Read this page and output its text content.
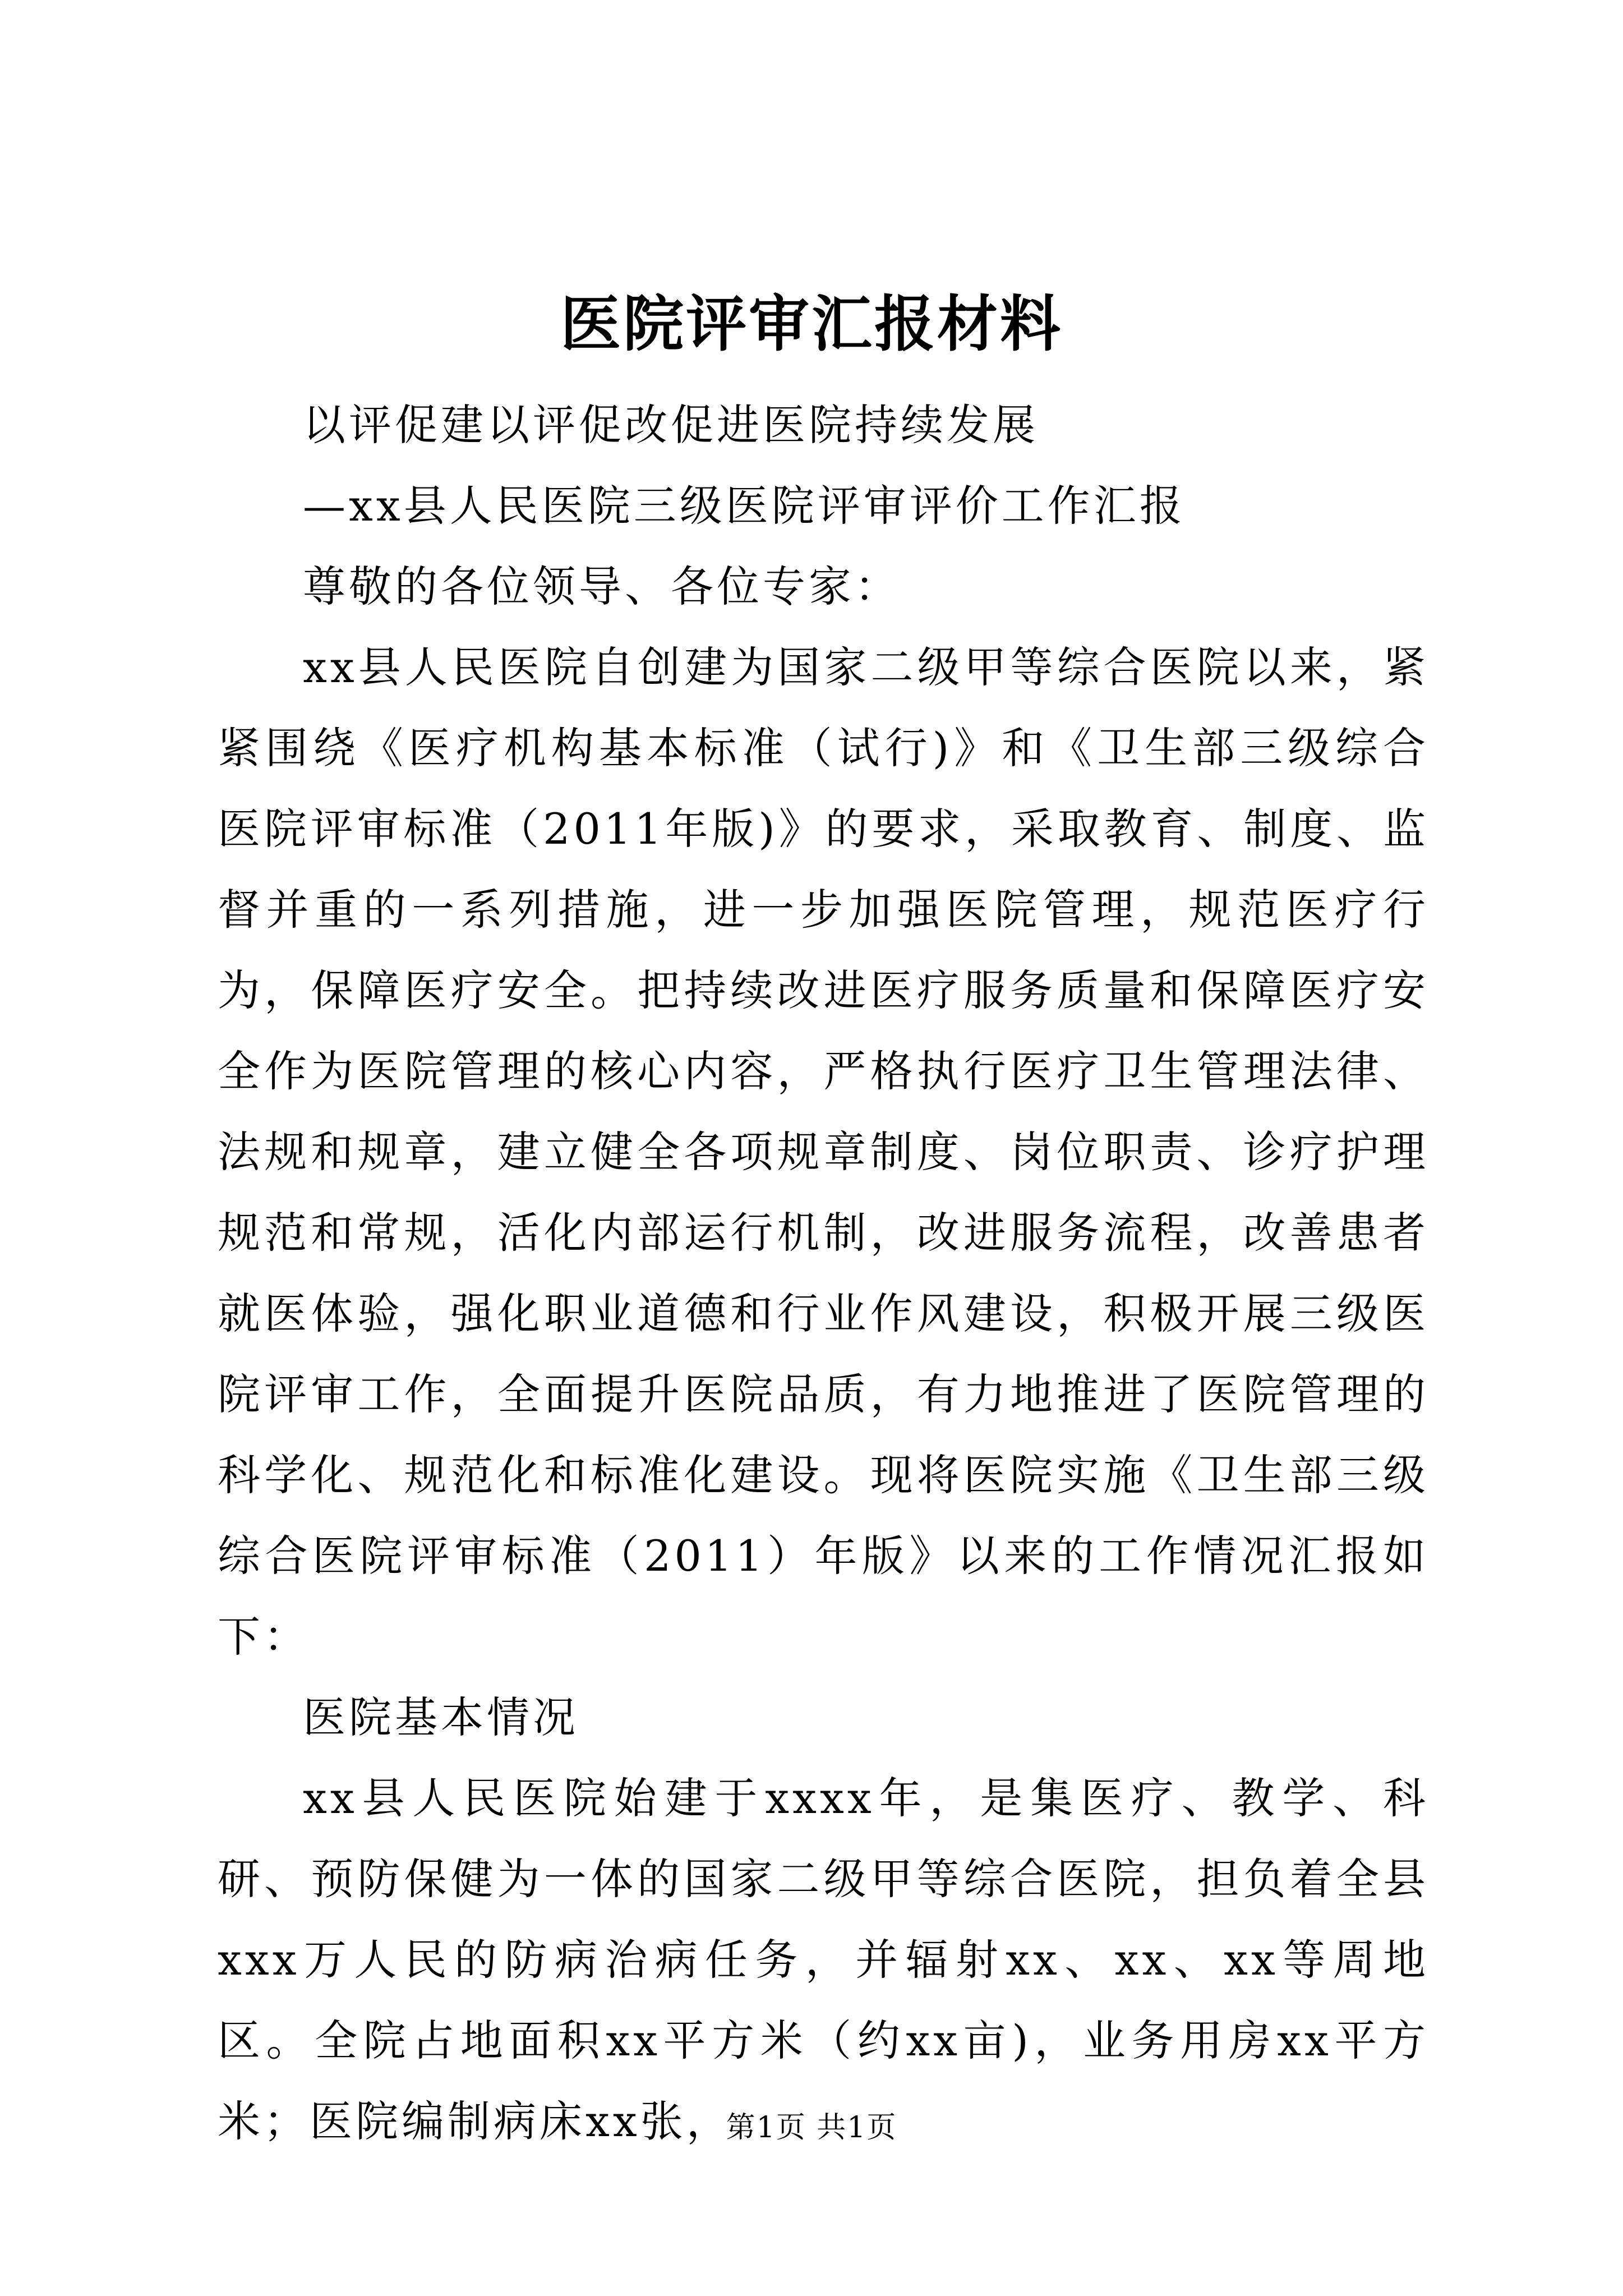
医院评审汇报材料

以评促建以评促改促进医院持续发展

—xx县人民医院三级医院评审评价工作汇报

尊敬的各位领导、各位专家：

xx县人民医院自创建为国家二级甲等综合医院以来，紧紧围绕《医疗机构基本标准（试行)》和《卫生部三级综合医院评审标准（2011年版)》的要求，采取教育、制度、监督并重的一系列措施，进一步加强医院管理，规范医疗行为，保障医疗安全。把持续改进医疗服务质量和保障医疗安全作为医院管理的核心内容，严格执行医疗卫生管理法律、法规和规章，建立健全各项规章制度、岗位职责、诊疗护理规范和常规，活化内部运行机制，改进服务流程，改善患者就医体验，强化职业道德和行业作风建设，积极开展三级医院评审工作，全面提升医院品质，有力地推进了医院管理的科学化、规范化和标准化建设。现将医院实施《卫生部三级综合医院评审标准（2011）年版》以来的工作情况汇报如下：

医院基本情况

xx县人民医院始建于xxxx年，是集医疗、教学、科研、预防保健为一体的国家二级甲等综合医院，担负着全县xxx万人民的防病治病任务，并辐射xx、xx、xx等周地区。全院占地面积xx平方米（约xx亩)，业务用房xx平方米；医院编制病床xx张，

第1页 共1页
